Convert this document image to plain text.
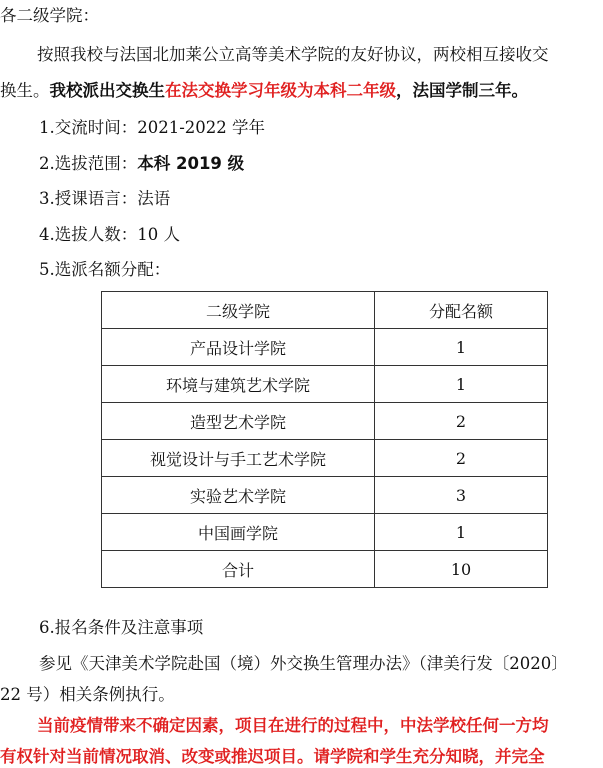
各二级学院：
按照我校与法国北加莱公立高等美术学院的友好协议，两校相互接收交
换生。我校派出交换生在法交换学习年级为本科二年级，法国学制三年。
1.交流时间：2021-2022 学年
2.选拔范围：本科 2019 级
3.授课语言：法语
4.选拔人数：10 人
5.选派名额分配：
二级学院	分配名额
产品设计学院	1
环境与建筑艺术学院	1
造型艺术学院	2
视觉设计与手工艺术学院	2
实验艺术学院	3
中国画学院	1
合计	10
6.报名条件及注意事项
参见《天津美术学院赴国（境）外交换生管理办法》（津美行发〔2020〕
22 号）相关条例执行。
当前疫情带来不确定因素，项目在进行的过程中，中法学校任何一方均
有权针对当前情况取消、改变或推迟项目。请学院和学生充分知晓，并完全
